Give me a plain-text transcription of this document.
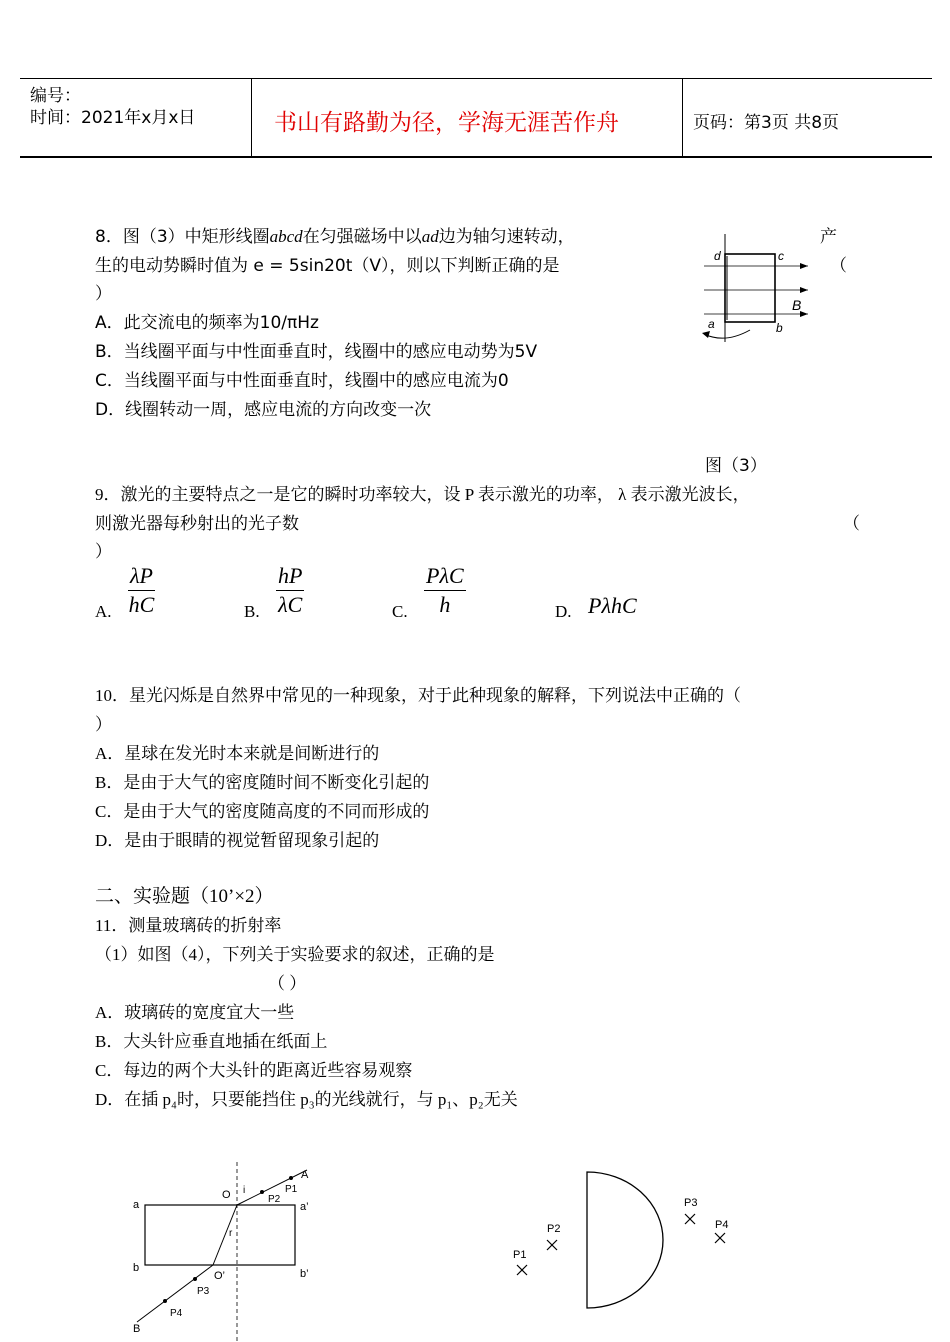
编号：
时间：2021年x月x日	书山有路勤为径，学海无涯苦作舟	页码：第3页 共8页
8．图（3）中矩形线圈abcd在匀强磁场中以ad边为轴匀速转动，	产
生的电动势瞬时值为 e = 5sin20t（V），则以下判断正确的是	（
）
A．此交流电的频率为10/πHz
B．当线圈平面与中性面垂直时，线圈中的感应电动势为5V
C．当线圈平面与中性面垂直时，线圈中的感应电流为0
D．线圈转动一周，感应电流的方向改变一次
d	c
B
a	b
图（3）
9．激光的主要特点之一是它的瞬时功率较大，设 P 表示激光的功率， λ 表示激光波长，
则激光器每秒射出的光子数	（
）
A. $\frac{\lambda P}{hC}$	B. $\frac{hP}{\lambda C}$	C.
PλC
h	D. PλhC
10．星光闪烁是自然界中常见的一种现象，对于此种现象的解释，下列说法中正确的（
）
A．星球在发光时本来就是间断进行的
B．是由于大气的密度随时间不断变化引起的
C．是由于大气的密度随高度的不同而形成的
D．是由于眼睛的视觉暂留现象引起的
二、实验题（10’×2）
11．测量玻璃砖的折射率
（1）如图（4），下列关于实验要求的叙述，正确的是
（ ）
A．玻璃砖的宽度宜大一些
B．大头针应垂直地插在纸面上
C．每边的两个大头针的距离近些容易观察
D．在插 p₄时，只要能挡住 p₃的光线就行，与 p₁、p₂无关
a	a’
b	b’
O
O’
i
r
A
B
P1
P2
P3
P4
P1
P2
P3
P4
